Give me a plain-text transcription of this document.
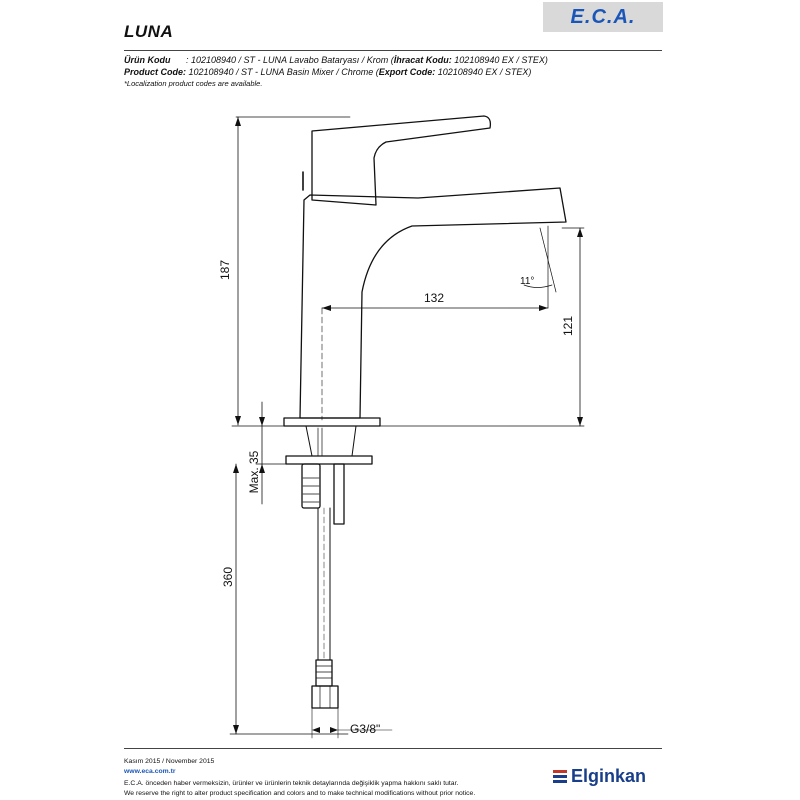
LUNA
E.C.A.
Ürün Kodu : 102108940 / ST - LUNA Lavabo Bataryası / Krom (İhracat Kodu: 102108940 EX / STEX)
Product Code: 102108940 / ST - LUNA Basin Mixer / Chrome (Export Code: 102108940 EX / STEX)
*Localization product codes are available.
187
132
11°
121
Max. 35
360
G3/8"
Kasım 2015 / November 2015
www.eca.com.tr
E.C.A. önceden haber vermeksizin, ürünler ve ürünlerin teknik detaylarında değişiklik yapma hakkını saklı tutar.
We reserve the right to alter product specification and colors and to make technical modifications without prior notice.
Elginkan
